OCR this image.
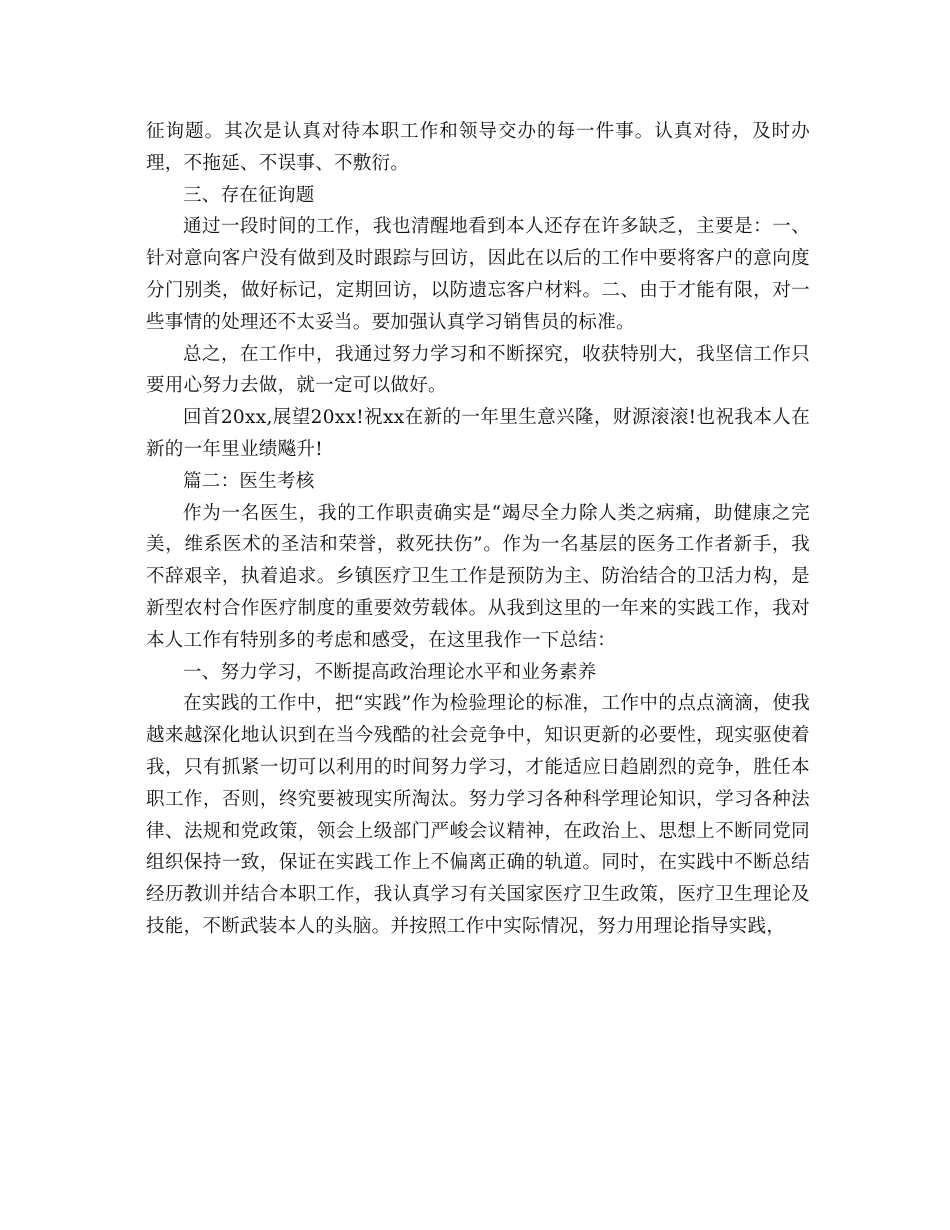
征询题。其次是认真对待本职工作和领导交办的每一件事。认真对待，及时办理，不拖延、不误事、不敷衍。

三、存在征询题

通过一段时间的工作，我也清醒地看到本人还存在许多缺乏，主要是：一、针对意向客户没有做到及时跟踪与回访，因此在以后的工作中要将客户的意向度分门别类，做好标记，定期回访，以防遗忘客户材料。二、由于才能有限，对一些事情的处理还不太妥当。要加强认真学习销售员的标准。

总之，在工作中，我通过努力学习和不断探究，收获特别大，我坚信工作只要用心努力去做，就一定可以做好。

回首20xx,展望20xx!祝xx在新的一年里生意兴隆，财源滚滚!也祝我本人在新的一年里业绩飚升!

篇二：医生考核

作为一名医生，我的工作职责确实是“竭尽全力除人类之病痛，助健康之完美，维系医术的圣洁和荣誉，救死扶伤”。作为一名基层的医务工作者新手，我不辞艰辛，执着追求。乡镇医疗卫生工作是预防为主、防治结合的卫活力构，是新型农村合作医疗制度的重要效劳载体。从我到这里的一年来的实践工作，我对本人工作有特别多的考虑和感受，在这里我作一下总结：

一、努力学习，不断提高政治理论水平和业务素养

在实践的工作中，把“实践”作为检验理论的标准，工作中的点点滴滴，使我越来越深化地认识到在当今残酷的社会竞争中，知识更新的必要性，现实驱使着我，只有抓紧一切可以利用的时间努力学习，才能适应日趋剧烈的竞争，胜任本职工作，否则，终究要被现实所淘汰。努力学习各种科学理论知识，学习各种法律、法规和党政策，领会上级部门严峻会议精神，在政治上、思想上不断同党同组织保持一致，保证在实践工作上不偏离正确的轨道。同时，在实践中不断总结经历教训并结合本职工作，我认真学习有关国家医疗卫生政策，医疗卫生理论及技能，不断武装本人的头脑。并按照工作中实际情况，努力用理论指导实践，
